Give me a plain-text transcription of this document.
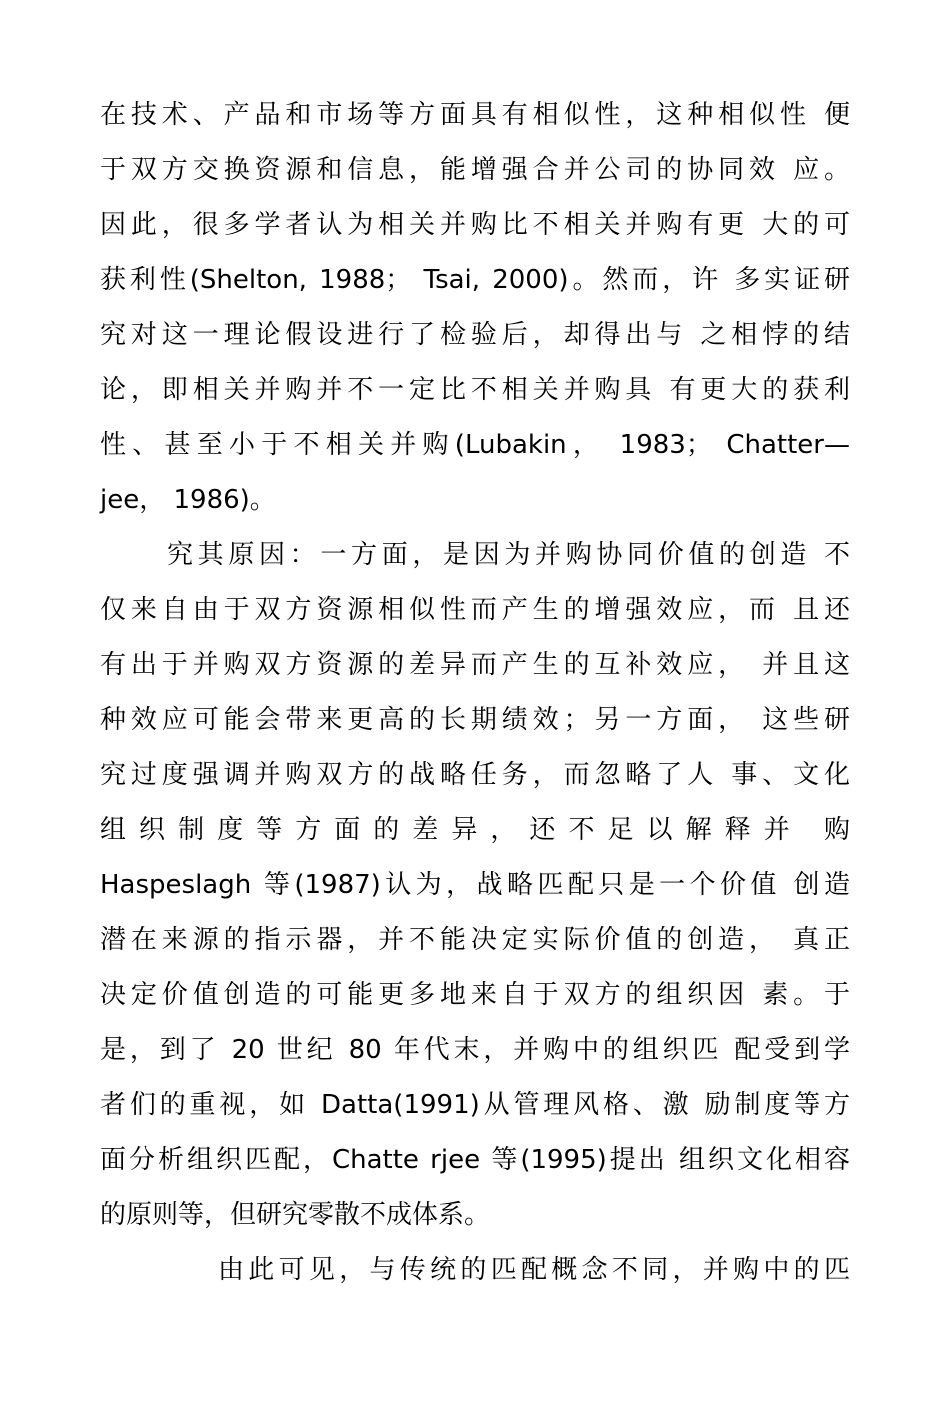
在技术、产品和市场等方面具有相似性，这种相似性 便
于双方交换资源和信息，能增强合并公司的协同效 应。
因此，很多学者认为相关并购比不相关并购有更 大的可
获利性(Shelton, 1988； Tsai, 2000)。然而，许 多实证研
究对这一理论假设进行了检验后，却得出与 之相悖的结
论，即相关并购并不一定比不相关并购具 有更大的获利
性、甚至小于不相关并购(Lubakin， 1983； Chatter—
jee， 1986)。
究其原因：一方面，是因为并购协同价值的创造 不
仅来自由于双方资源相似性而产生的增强效应，而 且还
有出于并购双方资源的差异而产生的互补效应， 并且这
种效应可能会带来更高的长期绩效；另一方面， 这些研
究过度强调并购双方的战略任务，而忽略了人 事、文化
组织制度等方面的差异，还不足以解释并 购
Haspeslagh 等(1987)认为，战略匹配只是一个价值 创造
潜在来源的指示器，并不能决定实际价值的创造， 真正
决定价值创造的可能更多地来自于双方的组织因 素。于
是，到了 20 世纪 80 年代末，并购中的组织匹 配受到学
者们的重视，如 Datta(1991)从管理风格、激 励制度等方
面分析组织匹配，Chatte rjee 等(1995)提出 组织文化相容
的原则等，但研究零散不成体系。
由此可见，与传统的匹配概念不同，并购中的匹
